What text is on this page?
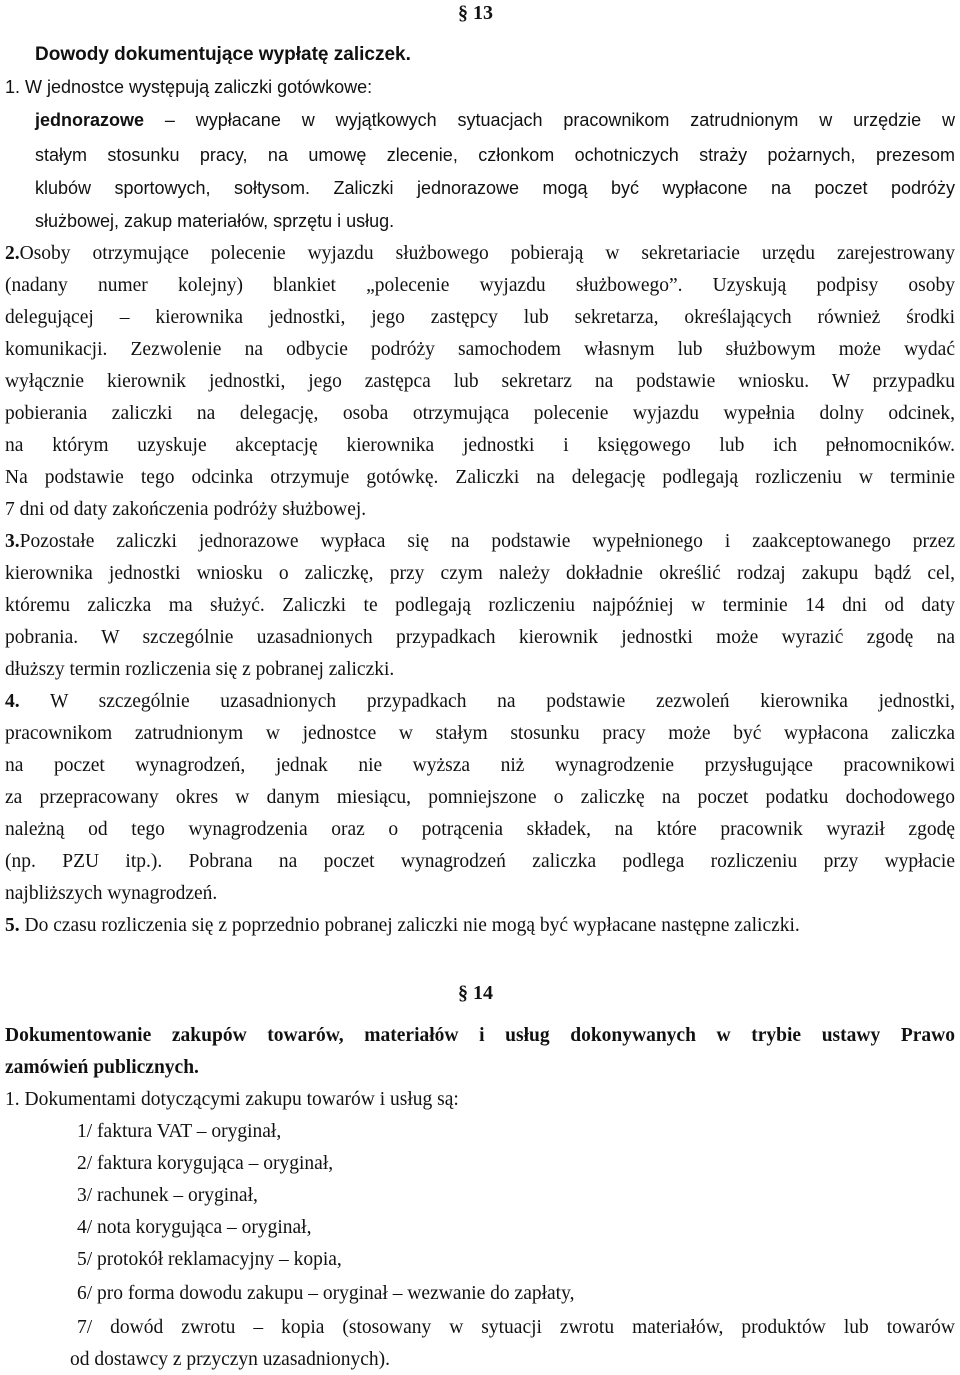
§ 13
Dowody dokumentujące wypłatę zaliczek.
1. W jednostce występują zaliczki gotówkowe:
jednorazowe – wypłacane w wyjątkowych sytuacjach pracownikom zatrudnionym w urzędzie w
stałym stosunku pracy, na umowę zlecenie, członkom ochotniczych straży pożarnych, prezesom
klubów sportowych, sołtysom. Zaliczki jednorazowe mogą być wypłacone na poczet podróży
służbowej, zakup materiałów, sprzętu i usług.
2.Osoby otrzymujące polecenie wyjazdu służbowego pobierają w sekretariacie urzędu zarejestrowany
(nadany numer kolejny) blankiet „polecenie wyjazdu służbowego”. Uzyskują podpisy osoby
delegującej – kierownika jednostki, jego zastępcy lub sekretarza, określających również środki
komunikacji. Zezwolenie na odbycie podróży samochodem własnym lub służbowym może wydać
wyłącznie kierownik jednostki, jego zastępca lub sekretarz na podstawie wniosku. W przypadku
pobierania zaliczki na delegację, osoba otrzymująca polecenie wyjazdu wypełnia dolny odcinek,
na którym uzyskuje akceptację kierownika jednostki i księgowego lub ich pełnomocników.
Na podstawie tego odcinka otrzymuje gotówkę. Zaliczki na delegację podlegają rozliczeniu w terminie
7 dni od daty zakończenia podróży służbowej.
3.Pozostałe zaliczki jednorazowe wypłaca się na podstawie wypełnionego i zaakceptowanego przez
kierownika jednostki wniosku o zaliczkę, przy czym należy dokładnie określić rodzaj zakupu bądź cel,
któremu zaliczka ma służyć. Zaliczki te podlegają rozliczeniu najpóźniej w terminie 14 dni od daty
pobrania. W szczególnie uzasadnionych przypadkach kierownik jednostki może wyrazić zgodę na
dłuższy termin rozliczenia się z pobranej zaliczki.
4. W szczególnie uzasadnionych przypadkach na podstawie zezwoleń kierownika jednostki,
pracownikom zatrudnionym w jednostce w stałym stosunku pracy może być wypłacona zaliczka
na poczet wynagrodzeń, jednak nie wyższa niż wynagrodzenie przysługujące pracownikowi
za przepracowany okres w danym miesiącu, pomniejszone o zaliczkę na poczet podatku dochodowego
należną od tego wynagrodzenia oraz o potrącenia składek, na które pracownik wyraził zgodę
(np. PZU itp.). Pobrana na poczet wynagrodzeń zaliczka podlega rozliczeniu przy wypłacie
najbliższych wynagrodzeń.
5. Do czasu rozliczenia się z poprzednio pobranej zaliczki nie mogą być wypłacane następne zaliczki.
§ 14
Dokumentowanie zakupów towarów, materiałów i usług dokonywanych w trybie ustawy Prawo
zamówień publicznych.
1. Dokumentami dotyczącymi zakupu towarów i usług są:
1/ faktura VAT – oryginał,
2/ faktura korygująca – oryginał,
3/ rachunek – oryginał,
4/ nota korygująca – oryginał,
5/ protokół reklamacyjny – kopia,
6/ pro forma dowodu zakupu – oryginał – wezwanie do zapłaty,
7/ dowód zwrotu – kopia (stosowany w sytuacji zwrotu materiałów, produktów lub towarów
od dostawcy z przyczyn uzasadnionych).
